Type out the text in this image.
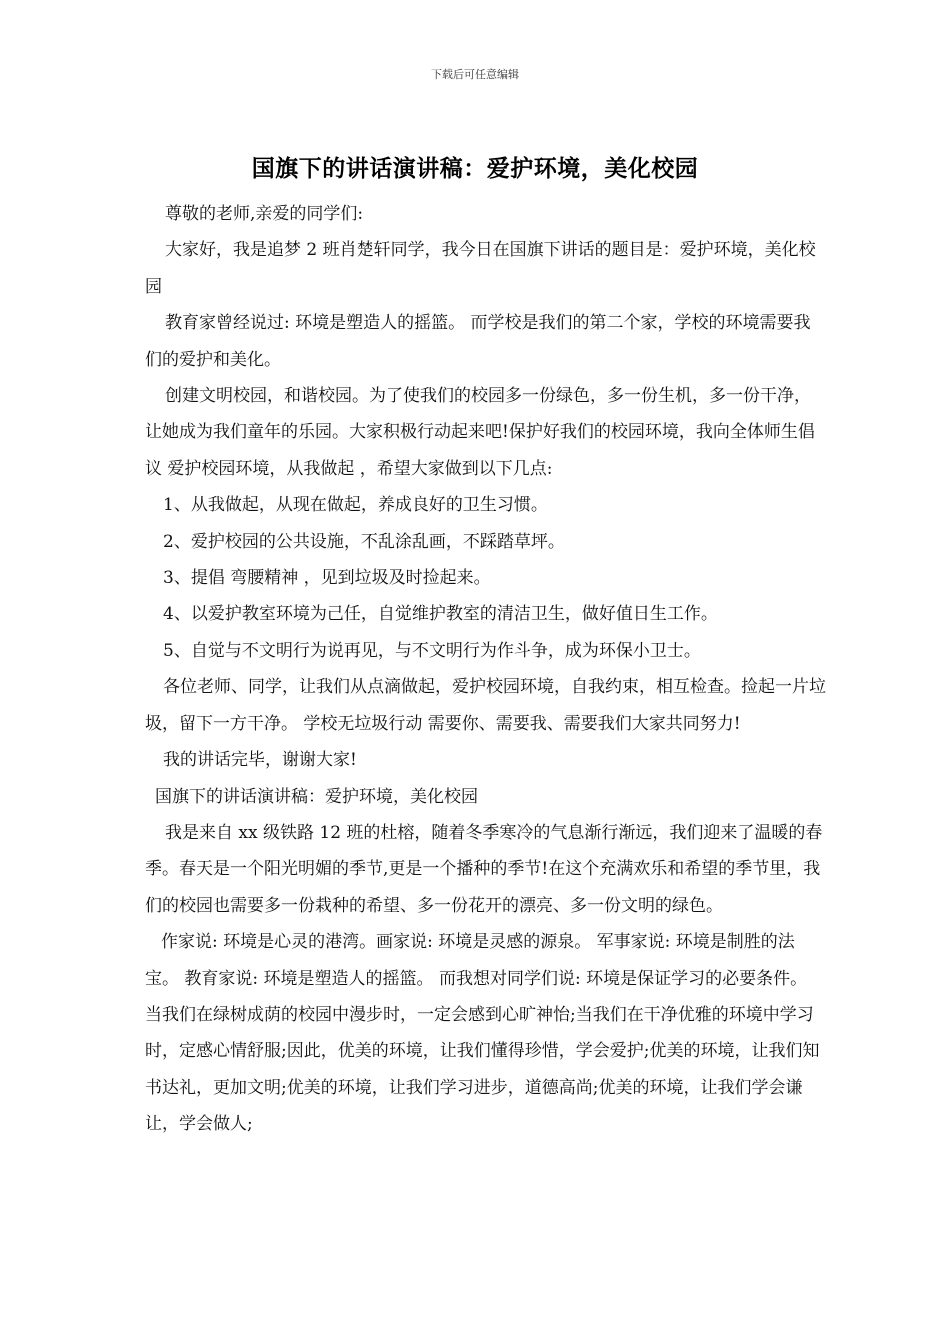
下载后可任意编辑
国旗下的讲话演讲稿：爱护环境，美化校园

尊敬的老师,亲爱的同学们:

大家好，我是追梦 2 班肖楚轩同学，我今日在国旗下讲话的题目是：爱护环境，美化校园

教育家曾经说过: 环境是塑造人的摇篮。 而学校是我们的第二个家，学校的环境需要我们的爱护和美化。

创建文明校园，和谐校园。为了使我们的校园多一份绿色，多一份生机，多一份干净，让她成为我们童年的乐园。大家积极行动起来吧!保护好我们的校园环境，我向全体师生倡议 爱护校园环境，从我做起 ，希望大家做到以下几点:

1、从我做起，从现在做起，养成良好的卫生习惯。

2、爱护校园的公共设施，不乱涂乱画，不踩踏草坪。

3、提倡 弯腰精神 ，见到垃圾及时捡起来。

4、以爱护教室环境为己任，自觉维护教室的清洁卫生，做好值日生工作。

5、自觉与不文明行为说再见，与不文明行为作斗争，成为环保小卫士。

各位老师、同学，让我们从点滴做起，爱护校园环境，自我约束，相互检查。捡起一片垃圾，留下一方干净。 学校无垃圾行动 需要你、需要我、需要我们大家共同努力!

我的讲话完毕，谢谢大家!

国旗下的讲话演讲稿：爱护环境，美化校园

我是来自 xx 级铁路 12 班的杜榕，随着冬季寒冷的气息渐行渐远，我们迎来了温暖的春季。春天是一个阳光明媚的季节,更是一个播种的季节!在这个充满欢乐和希望的季节里，我们的校园也需要多一份栽种的希望、多一份花开的漂亮、多一份文明的绿色。

作家说: 环境是心灵的港湾。画家说: 环境是灵感的源泉。 军事家说: 环境是制胜的法宝。 教育家说: 环境是塑造人的摇篮。 而我想对同学们说: 环境是保证学习的必要条件。 当我们在绿树成荫的校园中漫步时，一定会感到心旷神怡;当我们在干净优雅的环境中学习时，定感心情舒服;因此，优美的环境，让我们懂得珍惜，学会爱护;优美的环境，让我们知书达礼，更加文明;优美的环境，让我们学习进步，道德高尚;优美的环境，让我们学会谦让，学会做人;
